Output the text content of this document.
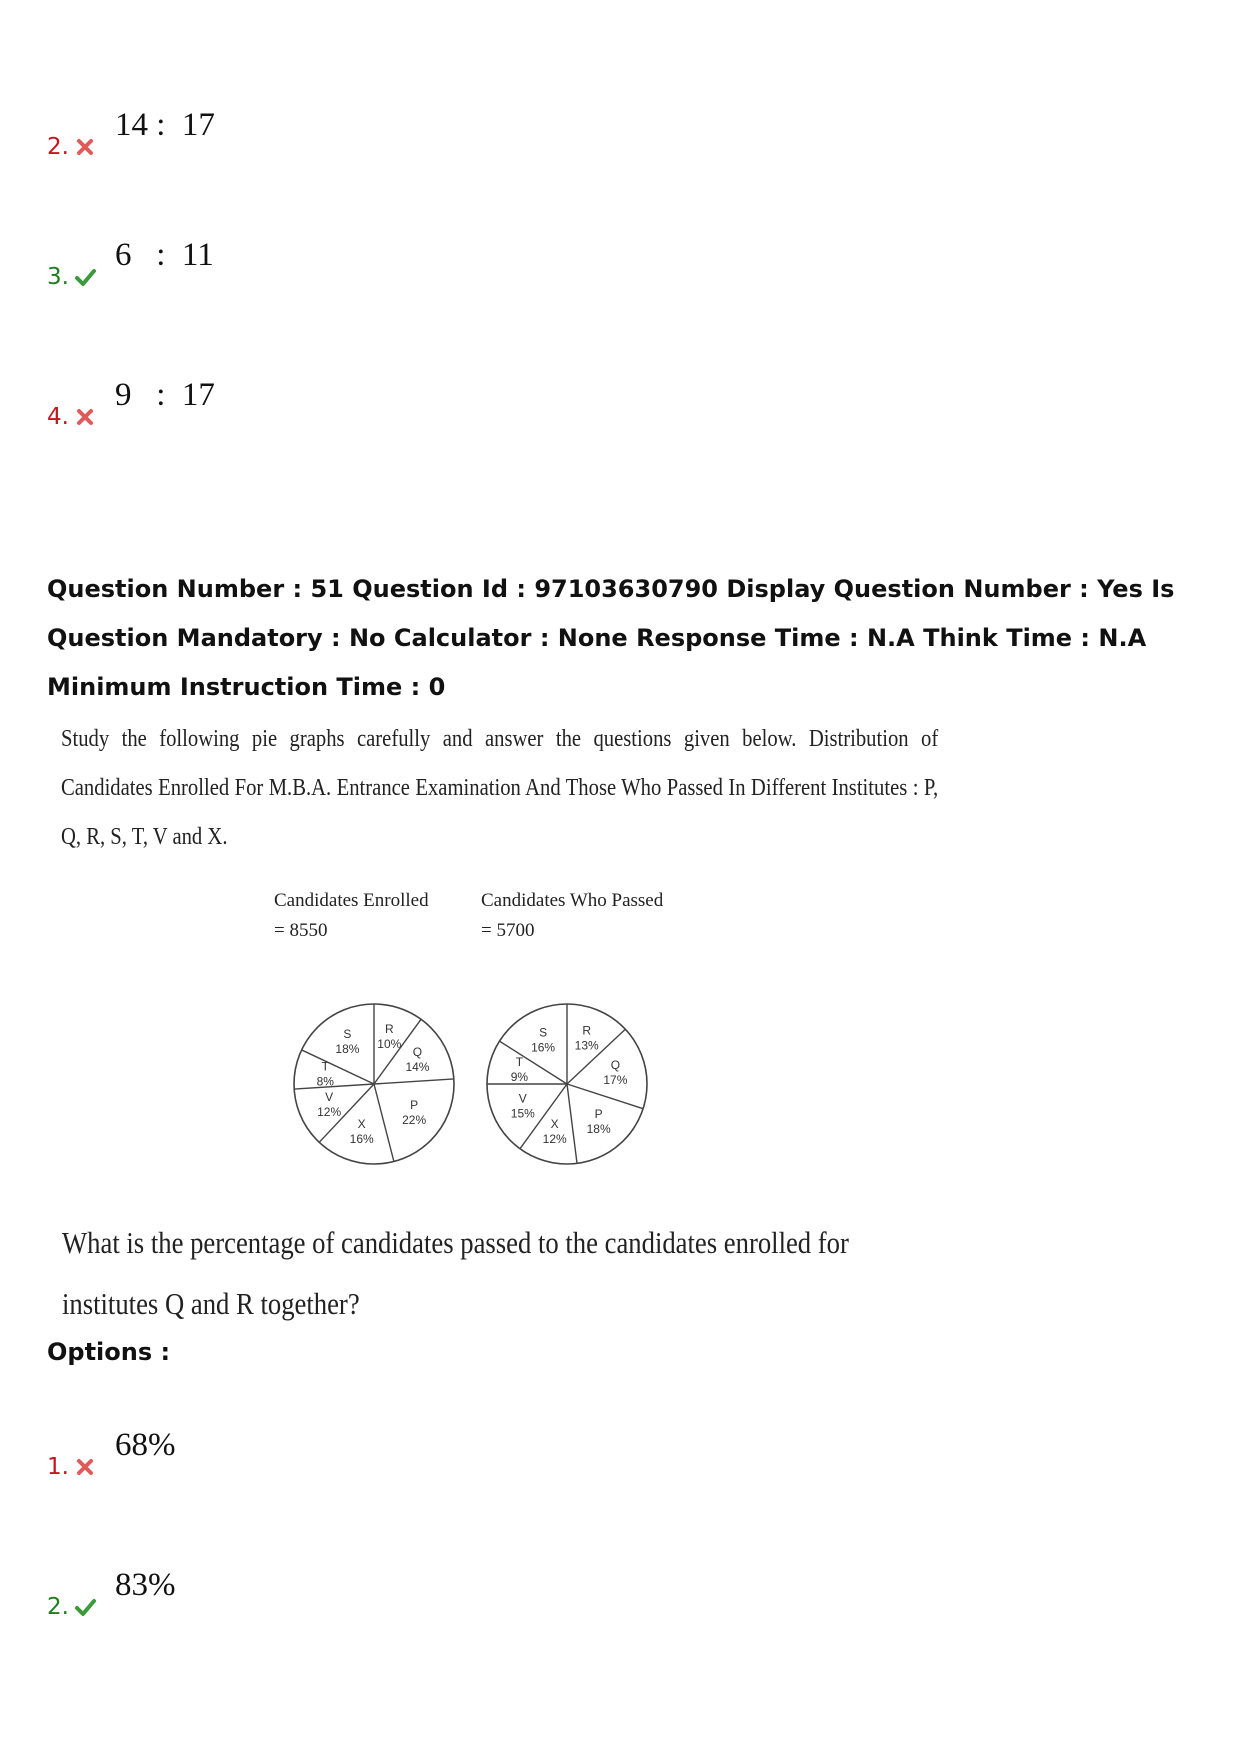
2.
14 :  17
3.
6   :  11
4.
9   :  17
Question Number : 51 Question Id : 97103630790 Display Question Number : Yes Is Question Mandatory : No Calculator : None Response Time : N.A Think Time : N.A Minimum Instruction Time : 0
Study the following pie graphs carefully and answer the questions given below. Distribution of Candidates Enrolled For M.B.A. Entrance Examination And Those Who Passed In Different Institutes : P, Q, R, S, T, V and X.
Candidates Enrolled
= 8550
Candidates Who Passed
= 5700
R
10%
Q
14%
P
22%
X
16%
V
12%
T
8%
S
18%
R
13%
Q
17%
P
18%
X
12%
V
15%
T
9%
S
16%
What is the percentage of candidates passed to the candidates enrolled for institutes Q and R together?
Options :
1.
68%
2.
83%
